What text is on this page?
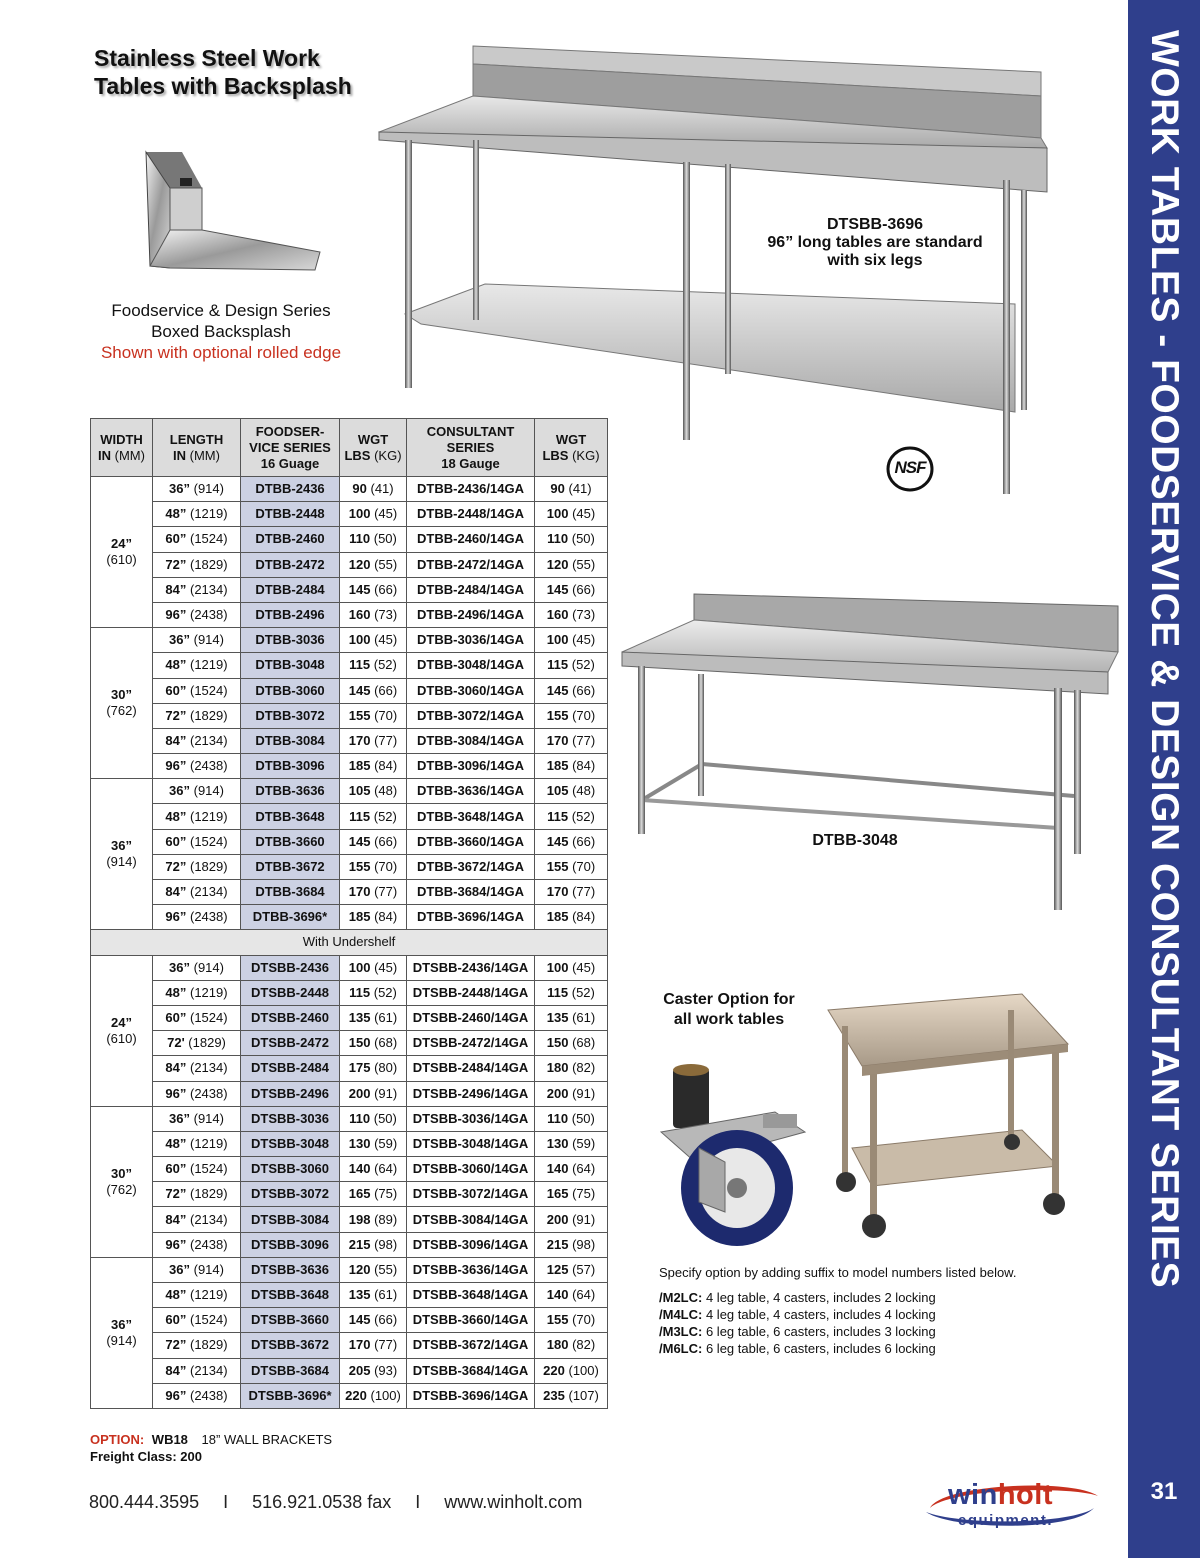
WORK TABLES - FOODSERVICE & DESIGN CONSULTANT SERIES
31
Stainless Steel Work
Tables with Backsplash
Foodservice & Design Series
Boxed Backsplash
Shown with optional rolled edge
DTSBB-3696
96” long tables are standard
with six legs
NSF
DTBB-3048
WIDTH
IN (MM)	LENGTH
IN (MM)	FOODSER-
VICE SERIES
16 Guage	WGT
LBS (KG)	CONSULTANT
SERIES
18 Gauge	WGT
LBS (KG)
24”
(610)	36” (914)	DTBB-2436	90 (41)	DTBB-2436/14GA	90 (41)
	48” (1219)	DTBB-2448	100 (45)	DTBB-2448/14GA	100 (45)
	60” (1524)	DTBB-2460	110 (50)	DTBB-2460/14GA	110 (50)
	72” (1829)	DTBB-2472	120 (55)	DTBB-2472/14GA	120 (55)
	84” (2134)	DTBB-2484	145 (66)	DTBB-2484/14GA	145 (66)
	96” (2438)	DTBB-2496	160 (73)	DTBB-2496/14GA	160 (73)
30”
(762)	36” (914)	DTBB-3036	100 (45)	DTBB-3036/14GA	100 (45)
	48” (1219)	DTBB-3048	115 (52)	DTBB-3048/14GA	115 (52)
	60” (1524)	DTBB-3060	145 (66)	DTBB-3060/14GA	145 (66)
	72” (1829)	DTBB-3072	155 (70)	DTBB-3072/14GA	155 (70)
	84” (2134)	DTBB-3084	170 (77)	DTBB-3084/14GA	170 (77)
	96” (2438)	DTBB-3096	185 (84)	DTBB-3096/14GA	185 (84)
36”
(914)	36” (914)	DTBB-3636	105 (48)	DTBB-3636/14GA	105 (48)
	48” (1219)	DTBB-3648	115 (52)	DTBB-3648/14GA	115 (52)
	60” (1524)	DTBB-3660	145 (66)	DTBB-3660/14GA	145 (66)
	72” (1829)	DTBB-3672	155 (70)	DTBB-3672/14GA	155 (70)
	84” (2134)	DTBB-3684	170 (77)	DTBB-3684/14GA	170 (77)
	96” (2438)	DTBB-3696*	185 (84)	DTBB-3696/14GA	185 (84)
With Undershelf					
24”
(610)	36” (914)	DTSBB-2436	100 (45)	DTSBB-2436/14GA	100 (45)
	48” (1219)	DTSBB-2448	115 (52)	DTSBB-2448/14GA	115 (52)
	60” (1524)	DTSBB-2460	135 (61)	DTSBB-2460/14GA	135 (61)
	72' (1829)	DTSBB-2472	150 (68)	DTSBB-2472/14GA	150 (68)
	84” (2134)	DTSBB-2484	175 (80)	DTSBB-2484/14GA	180 (82)
	96” (2438)	DTSBB-2496	200 (91)	DTSBB-2496/14GA	200 (91)
30”
(762)	36” (914)	DTSBB-3036	110 (50)	DTSBB-3036/14GA	110 (50)
	48” (1219)	DTSBB-3048	130 (59)	DTSBB-3048/14GA	130 (59)
	60” (1524)	DTSBB-3060	140 (64)	DTSBB-3060/14GA	140 (64)
	72” (1829)	DTSBB-3072	165 (75)	DTSBB-3072/14GA	165 (75)
	84” (2134)	DTSBB-3084	198 (89)	DTSBB-3084/14GA	200 (91)
	96” (2438)	DTSBB-3096	215 (98)	DTSBB-3096/14GA	215 (98)
36”
(914)	36” (914)	DTSBB-3636	120 (55)	DTSBB-3636/14GA	125 (57)
	48” (1219)	DTSBB-3648	135 (61)	DTSBB-3648/14GA	140 (64)
	60” (1524)	DTSBB-3660	145 (66)	DTSBB-3660/14GA	155 (70)
	72” (1829)	DTSBB-3672	170 (77)	DTSBB-3672/14GA	180 (82)
	84” (2134)	DTSBB-3684	205 (93)	DTSBB-3684/14GA	220 (100)
	96” (2438)	DTSBB-3696*	220 (100)	DTSBB-3696/14GA	235 (107)
OPTION: WB18 18” WALL BRACKETS
Freight Class: 200
Caster Option for
all work tables
Specify option by adding suffix to model numbers listed below.
/M2LC: 4 leg table, 4 casters, includes 2 locking
/M4LC: 4 leg table, 4 casters, includes 4 locking
/M3LC: 6 leg table, 6 casters, includes 3 locking
/M6LC: 6 leg table, 6 casters, includes 6 locking
800.444.3595 I 516.921.0538 fax I www.winholt.com	winholt
equipment.
